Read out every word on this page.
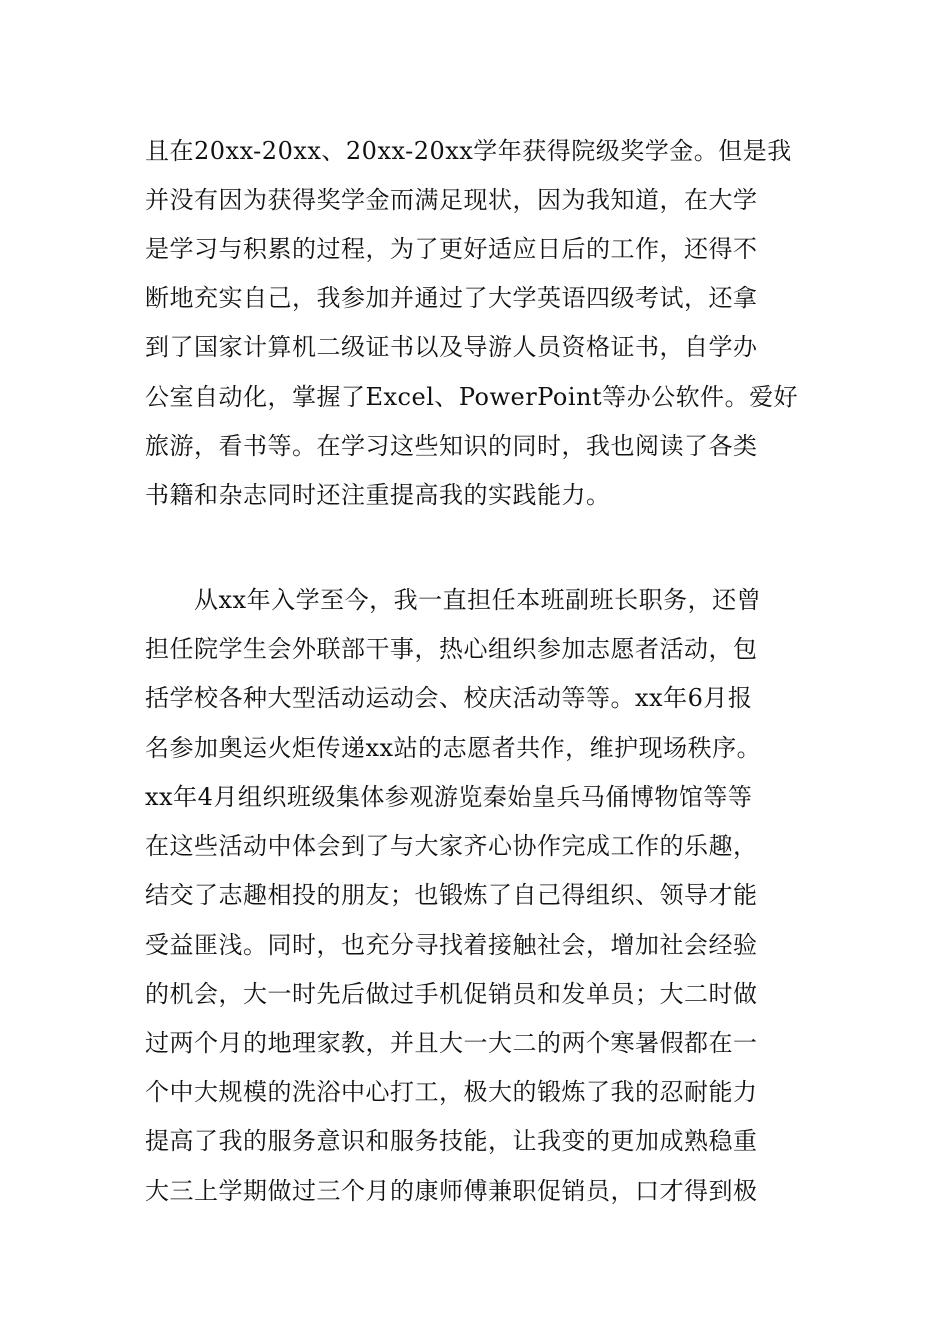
且在20xx-20xx、20xx-20xx学年获得院级奖学金。但是我
并没有因为获得奖学金而满足现状，因为我知道，在大学
是学习与积累的过程，为了更好适应日后的工作，还得不
断地充实自己，我参加并通过了大学英语四级考试，还拿
到了国家计算机二级证书以及导游人员资格证书，自学办
公室自动化，掌握了Excel、PowerPoint等办公软件。爱好
旅游，看书等。在学习这些知识的同时，我也阅读了各类
书籍和杂志同时还注重提高我的实践能力。
从xx年入学至今，我一直担任本班副班长职务，还曾
担任院学生会外联部干事，热心组织参加志愿者活动，包
括学校各种大型活动运动会、校庆活动等等。xx年6月报
名参加奥运火炬传递xx站的志愿者共作，维护现场秩序。
xx年4月组织班级集体参观游览秦始皇兵马俑博物馆等等
在这些活动中体会到了与大家齐心协作完成工作的乐趣，
结交了志趣相投的朋友；也锻炼了自己得组织、领导才能
受益匪浅。同时，也充分寻找着接触社会，增加社会经验
的机会，大一时先后做过手机促销员和发单员；大二时做
过两个月的地理家教，并且大一大二的两个寒暑假都在一
个中大规模的洗浴中心打工，极大的锻炼了我的忍耐能力
提高了我的服务意识和服务技能，让我变的更加成熟稳重
大三上学期做过三个月的康师傅兼职促销员，口才得到极
